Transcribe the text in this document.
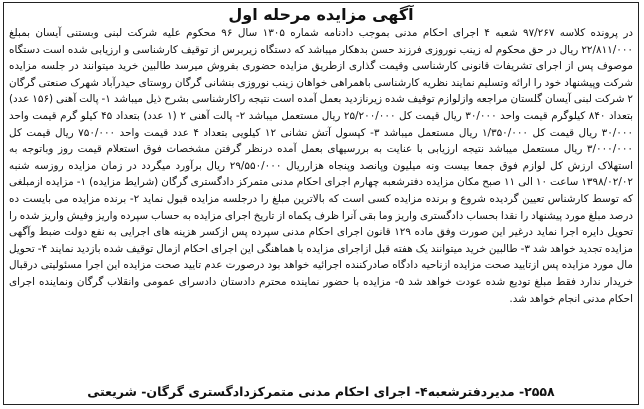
آگهی مزایده مرحله اول

در پرونده کلاسه ۹۷/۲۶۷ شعبه ۴ اجرای احکام مدنی بموجب دادنامه شماره ۱۳۰۵ سال ۹۶ محکوم علیه شرکت لبنی وبستنی آیسان بمبلغ ۲۲/۸۱۱/۰۰۰ ریال در حق محکوم له زینب نوروزی فرزند حسن بدهکار میباشد که دستگاه زیربرس از توقیف کارشناسی و ارزیابی شده است دستگاه موصوف پس از اجرای تشریفات قانونی کارشناسی وقیمت گذاری ازطریق مزایده حضوری بفروش میرسد طالبین خرید میتوانند در جلسه مزایده شرکت وپیشنهاد خود را ارائه وتسلیم نمایند نظریه کارشناسی باهمراهی خواهان زینب نوروزی بنشانی گرگان روستای حیدرآباد شهرک صنعتی گرگان ۲ شرکت لبنی آیسان گلستان مراجعه وازلوازم توقیف شده زیرنازدید بعمل آمده است نتیجه راکارشناسی بشرح ذیل میباشد ۱- پالت آهنی (۱۵۶ عدد) بتعداد ۸۴۰ کیلوگرم قیمت واحد ۳۰/۰۰۰ ریال قیمت کل ۲۵/۲۰۰/۰۰۰ ریال مستعمل میباشد ۲- پالت آهنی ۲ (۱ عدد) بتعداد ۴۵ کیلو گرم قیمت واحد ۳۰/۰۰۰ ریال قیمت کل ۱/۳۵۰/۰۰۰ ریال مستعمل میباشد ۳- کپسول آتش نشانی ۱۲ کیلویی بتعداد ۴ عدد قیمت واحد ۷۵۰/۰۰۰ ریال قیمت کل ۳/۰۰۰/۰۰۰ ریال مستعمل میباشد نتیجه ارزیابی با عنایت به بررسیهای بعمل آمده درنظر گرفتن مشخصات فوق استعلام قیمت روز وباتوجه به استهلاک ارزش کل لوازم فوق جمعا بیست ونه میلیون وپانصد وپنجاه هزارریال ۲۹/۵۵۰/۰۰۰ ریال برآورد میگردد در زمان مزایده روزسه شنبه ۱۳۹۸/۰۲/۰۲ ساعت ۱۰ الی ۱۱ صبح مکان مزایده دفترشعبه چهارم اجرای احکام مدنی متمرکز دادگستری گرگان (شرایط مزایده) ۱- مزایده ازمبلغی که توسط کارشناس تعیین گردیده شروع و برنده مزایده کسی است که بالاترین مبلغ را درجلسه مزایده قبول نماید ۲- برنده مزایده می بایست ده درصد مبلغ مورد پیشنهاد را نقدا بحساب دادگستری واریز وما بقی آنرا ظرف یکماه از تاریخ اجرای مزایده به حساب سپرده واریز وفیش واریز شده را تحویل دایره اجرا نماید درغیر این صورت وفق ماده ۱۲۹ قانون اجرای احکام مدنی سپرده پس ازکسر هزینه های اجرایی به نفع دولت ضبط وآگهی مزایده تجدید خواهد شد ۳- طالبین خرید میتوانند یک هفته قبل ازاجرای مزایده با هماهنگی این اجرای احکام ازمال توقیف شده بازدید نمایند ۴- تحویل مال مورد مزایده پس ازتایید صحت مزایده ازناحیه دادگاه صادرکننده اجرائیه خواهد بود درصورت عدم تایید صحت مزایده این اجرا مسئولیتی درقبال خریدار ندارد فقط مبلغ تودیع شده عودت خواهد شد ۵- مزایده با حضور نماینده محترم دادستان دادسرای عمومی وانقلاب گرگان ونماینده اجرای احکام مدنی انجام خواهد شد.

۲۵۵۸- مدیردفترشعبه۴- اجرای احکام مدنی متمرکزدادگستری گرگان- شریعتی
